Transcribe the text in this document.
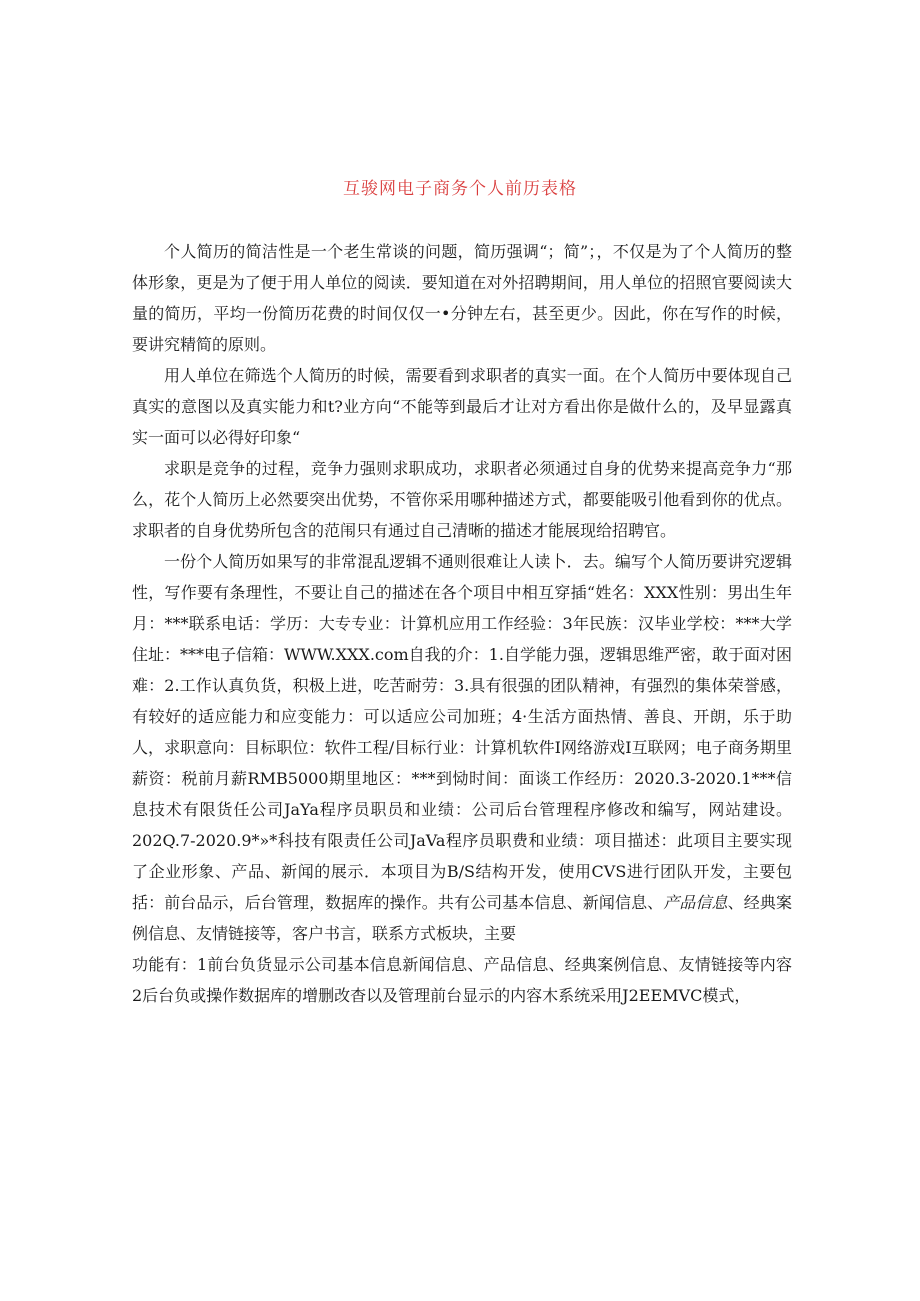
互骏网电子商务个人前历表格

个人简历的简洁性是一个老生常谈的问题，简历强调“；简”；，不仅是为了个人简历的整体形象，更是为了便于用人单位的阅读．要知道在对外招聘期间，用人单位的招照官要阅读大量的简历，平均一份简历花费的时间仅仅一•分钟左右，甚至更少。因此，你在写作的时候，要讲究精简的原则。

用人单位在筛选个人简历的时候，需要看到求职者的真实一面。在个人简历中要体现自己真实的意图以及真实能力和t?业方向“不能等到最后才让对方看出你是做什么的，及早显露真实一面可以必得好印象“

求职是竞争的过程，竞争力强则求职成功，求职者必须通过自身的优势来提高竞争力“那么，花个人简历上必然要突出优势，不管你采用哪种描述方式，都要能吸引他看到你的优点。求职者的自身优势所包含的范闱只有通过自己清晰的描述才能展现给招聘官。

一份个人简历如果写的非常混乱逻辑不通则很难让人读卜．去。编写个人简历要讲究逻辑性，写作要有条理性，不要让自己的描述在各个项目中相互穿插“姓名：XXX性别：男出生年月：***联系电话：学历：大专专业：计算机应用工作经验：3年民族：汉毕业学校：***大学住址：***电子信箱：WWW.XXX.com自我的介：1.自学能力强，逻辑思维严密，敢于面对困难：2.工作认真负货，积极上进，吃苦耐劳：3.具有很强的团队精神，有强烈的集体荣誉感，有较好的适应能力和应变能力：可以适应公司加班；4·生活方面热情、善良、开朗，乐于助人，求职意向：目标职位：软件工程/目标行业：计算机软件I网络游戏I互联网；电子商务期里薪资：税前月薪RMB5000期里地区：***到恸时间：面谈工作经历：2020.3-2020.1***信息技术有限货任公司JaYa程序员职员和业绩：公司后台管理程序修改和编写，网站建设。202Q.7-2020.9*»*科技有限责任公司JaVa程序员职费和业绩：项目描述：此项目主要实现了企业形象、产品、新闻的展示．本项目为B/S结构开发，使用CVS进行团队开发，主要包括：前台品示，后台管理，数据库的操作。共有公司基本信息、新闻信息、产品信息、经典案例信息、友情链接等，客户书言，联系方式板块，主要

功能有：1前台负货显示公司基本信息新闻信息、产品信息、经典案例信息、友情链接等内容2后台负或操作数据库的增删改杳以及管理前台显示的内容木系统采用J2EEMVC模式，
